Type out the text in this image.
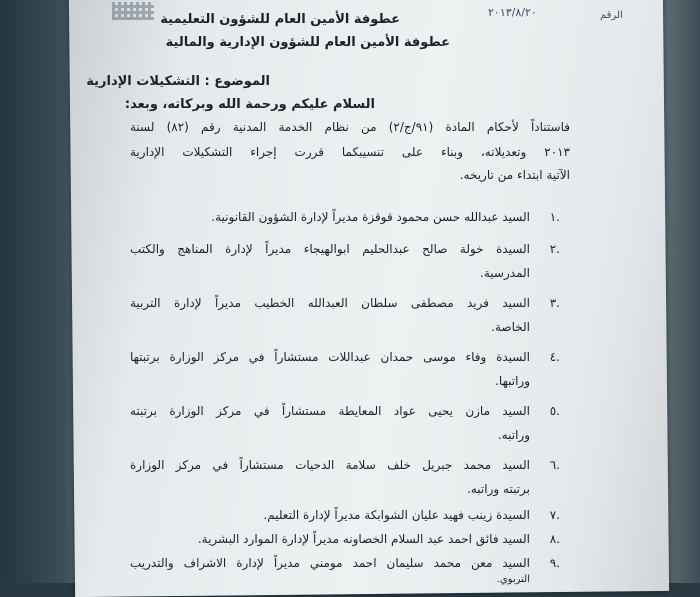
٢٠١٣/٨/٢٠	الرقم
عطوفة الأمين العام للشؤون التعليمية
عطوفة الأمين العام للشؤون الإدارية والمالية
الموضوع : التشكيلات الإدارية
السلام عليكم ورحمة الله وبركاته، وبعد:
فاستناداً لأحكام المادة (٩١/ج/٢) من نظام الخدمة المدنية رقم (٨٢) لسنة
٢٠١٣ وتعديلاته، وبناء على تنسيبكما قررت إجراء التشكيلات الإدارية
الآتية ابتداء من تاريخه.
.١
السيد عبدالله حسن محمود قوقزة مديراً لإدارة الشؤون القانونية.
.٢
السيدة خولة صالح عبدالحليم ابوالهيجاء مديراً لإدارة المناهج والكتب
المدرسية.
.٣
السيد فريد مصطفى سلطان العبدالله الخطيب مديراً لإدارة التربية
الخاصة.
.٤
السيدة وفاء موسى حمدان عبداللات مستشاراً في مركز الوزارة برتبتها
وراتبها.
.٥
السيد مازن يحيى عواد المعايطة مستشاراً في مركز الوزارة برتبته
وراتبه.
.٦
السيد محمد جبريل خلف سلامة الدحيات مستشاراً في مركز الوزارة
برتبته وراتبه.
.٧
السيدة زينب فهيد عليان الشوابكة مديراً لإدارة التعليم.
.٨
السيد فائق احمد عبد السلام الخصاونه مديراً لإدارة الموارد البشرية.
.٩
السيد معن محمد سليمان احمد مومني مديراً لإدارة الاشراف والتدريب
التربوي.
